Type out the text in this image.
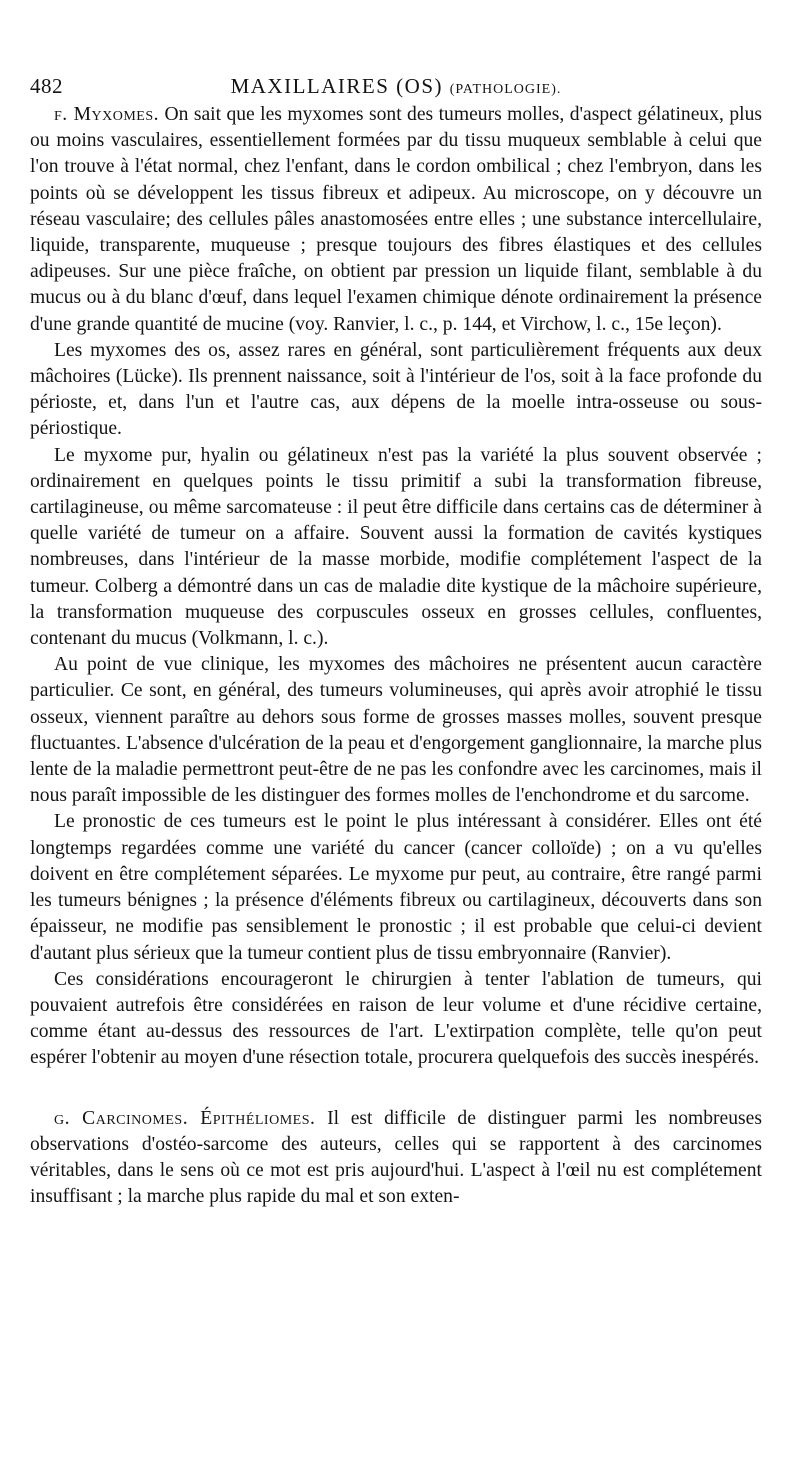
482	MAXILLAIRES (OS) (PATHOLOGIE).

f. Myxomes. On sait que les myxomes sont des tumeurs molles, d'aspect gélatineux, plus ou moins vasculaires, essentiellement formées par du tissu muqueux semblable à celui que l'on trouve à l'état normal, chez l'enfant, dans le cordon ombilical ; chez l'embryon, dans les points où se développent les tissus fibreux et adipeux. Au microscope, on y découvre un réseau vasculaire; des cellules pâles anastomosées entre elles ; une substance intercellulaire, liquide, transparente, muqueuse ; presque toujours des fibres élastiques et des cellules adipeuses. Sur une pièce fraîche, on obtient par pression un liquide filant, semblable à du mucus ou à du blanc d'œuf, dans lequel l'examen chimique dénote ordinairement la présence d'une grande quantité de mucine (voy. Ranvier, l. c., p. 144, et Virchow, l. c., 15e leçon).

Les myxomes des os, assez rares en général, sont particulièrement fréquents aux deux mâchoires (Lücke). Ils prennent naissance, soit à l'intérieur de l'os, soit à la face profonde du périoste, et, dans l'un et l'autre cas, aux dépens de la moelle intra-osseuse ou sous-périostique.

Le myxome pur, hyalin ou gélatineux n'est pas la variété la plus souvent observée ; ordinairement en quelques points le tissu primitif a subi la transformation fibreuse, cartilagineuse, ou même sarcomateuse : il peut être difficile dans certains cas de déterminer à quelle variété de tumeur on a affaire. Souvent aussi la formation de cavités kystiques nombreuses, dans l'intérieur de la masse morbide, modifie complétement l'aspect de la tumeur. Colberg a démontré dans un cas de maladie dite kystique de la mâchoire supérieure, la transformation muqueuse des corpuscules osseux en grosses cellules, confluentes, contenant du mucus (Volkmann, l. c.).

Au point de vue clinique, les myxomes des mâchoires ne présentent aucun caractère particulier. Ce sont, en général, des tumeurs volumineuses, qui après avoir atrophié le tissu osseux, viennent paraître au dehors sous forme de grosses masses molles, souvent presque fluctuantes. L'absence d'ulcération de la peau et d'engorgement ganglionnaire, la marche plus lente de la maladie permettront peut-être de ne pas les confondre avec les carcinomes, mais il nous paraît impossible de les distinguer des formes molles de l'enchondrome et du sarcome.

Le pronostic de ces tumeurs est le point le plus intéressant à considérer. Elles ont été longtemps regardées comme une variété du cancer (cancer colloïde) ; on a vu qu'elles doivent en être complétement séparées. Le myxome pur peut, au contraire, être rangé parmi les tumeurs bénignes ; la présence d'éléments fibreux ou cartilagineux, découverts dans son épaisseur, ne modifie pas sensiblement le pronostic ; il est probable que celui-ci devient d'autant plus sérieux que la tumeur contient plus de tissu embryonnaire (Ranvier).

Ces considérations encourageront le chirurgien à tenter l'ablation de tumeurs, qui pouvaient autrefois être considérées en raison de leur volume et d'une récidive certaine, comme étant au-dessus des ressources de l'art. L'extirpation complète, telle qu'on peut espérer l'obtenir au moyen d'une résection totale, procurera quelquefois des succès inespérés.

g. Carcinomes. Épithéliomes. Il est difficile de distinguer parmi les nombreuses observations d'ostéo-sarcome des auteurs, celles qui se rapportent à des carcinomes véritables, dans le sens où ce mot est pris aujourd'hui. L'aspect à l'œil nu est complétement insuffisant ; la marche plus rapide du mal et son exten-
